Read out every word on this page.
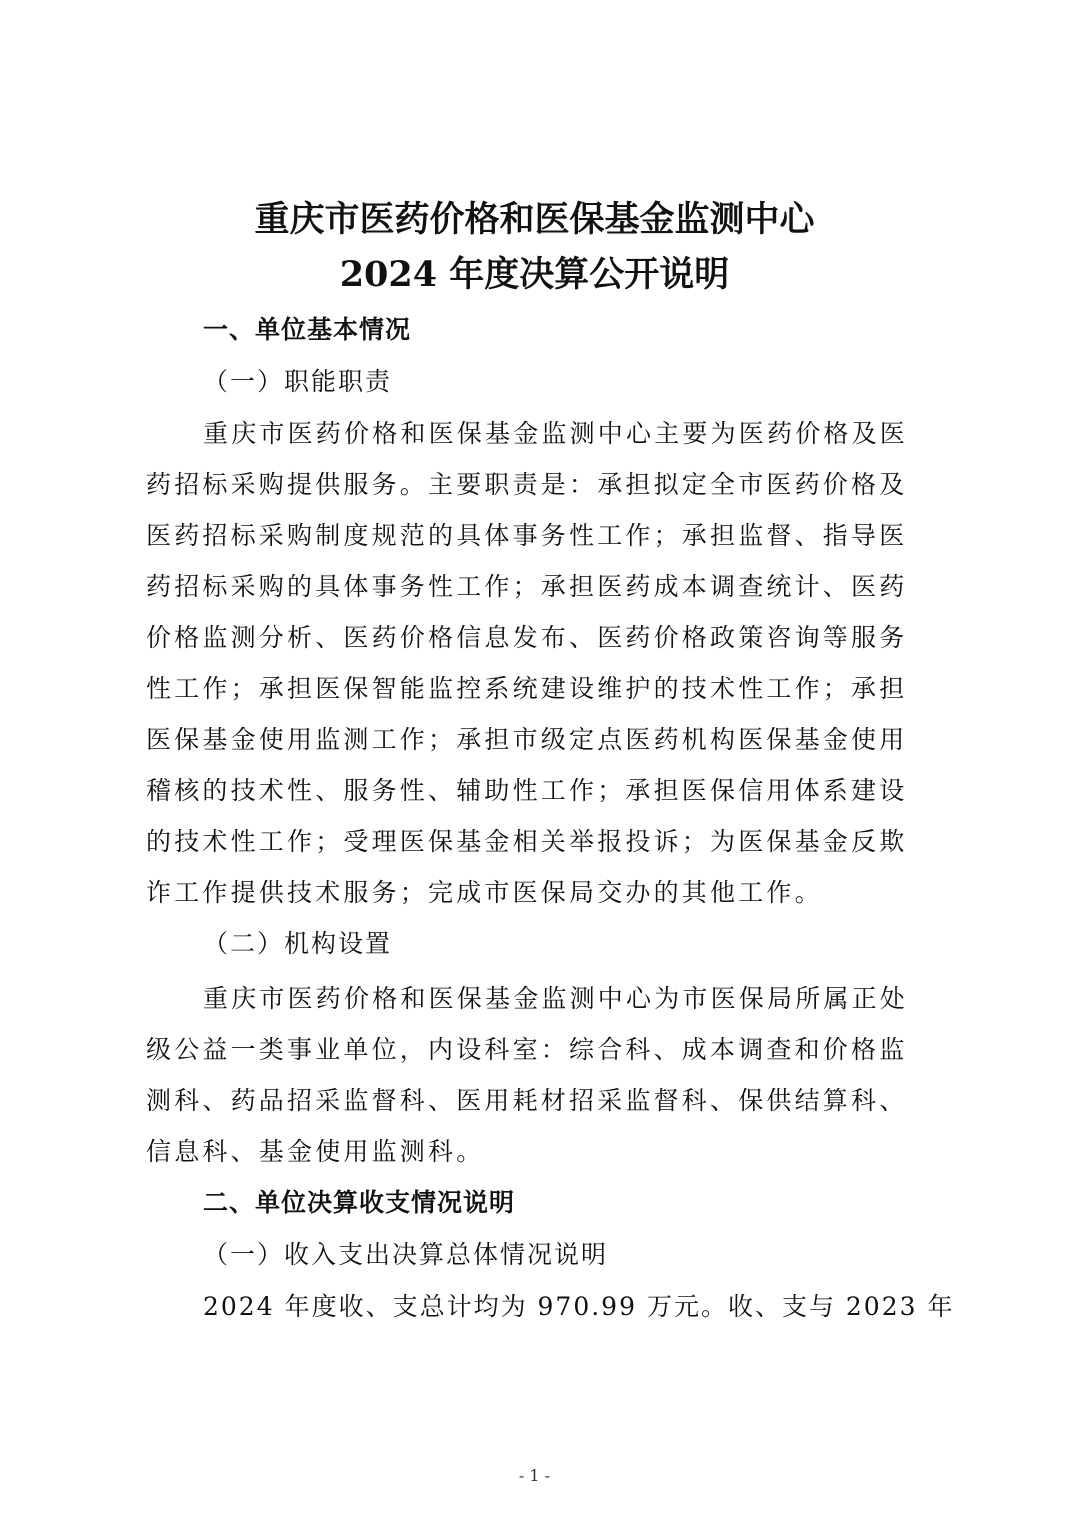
重庆市医药价格和医保基金监测中心
2024 年度决算公开说明
一、单位基本情况
（一）职能职责
重庆市医药价格和医保基金监测中心主要为医药价格及医
药招标采购提供服务。主要职责是：承担拟定全市医药价格及
医药招标采购制度规范的具体事务性工作；承担监督、指导医
药招标采购的具体事务性工作；承担医药成本调查统计、医药
价格监测分析、医药价格信息发布、医药价格政策咨询等服务
性工作；承担医保智能监控系统建设维护的技术性工作；承担
医保基金使用监测工作；承担市级定点医药机构医保基金使用
稽核的技术性、服务性、辅助性工作；承担医保信用体系建设
的技术性工作；受理医保基金相关举报投诉；为医保基金反欺
诈工作提供技术服务；完成市医保局交办的其他工作。
（二）机构设置
重庆市医药价格和医保基金监测中心为市医保局所属正处
级公益一类事业单位，内设科室：综合科、成本调查和价格监
测科、药品招采监督科、医用耗材招采监督科、保供结算科、
信息科、基金使用监测科。
二、单位决算收支情况说明
（一）收入支出决算总体情况说明
2024 年度收、支总计均为 970.99 万元。收、支与 2023 年
- 1 -
